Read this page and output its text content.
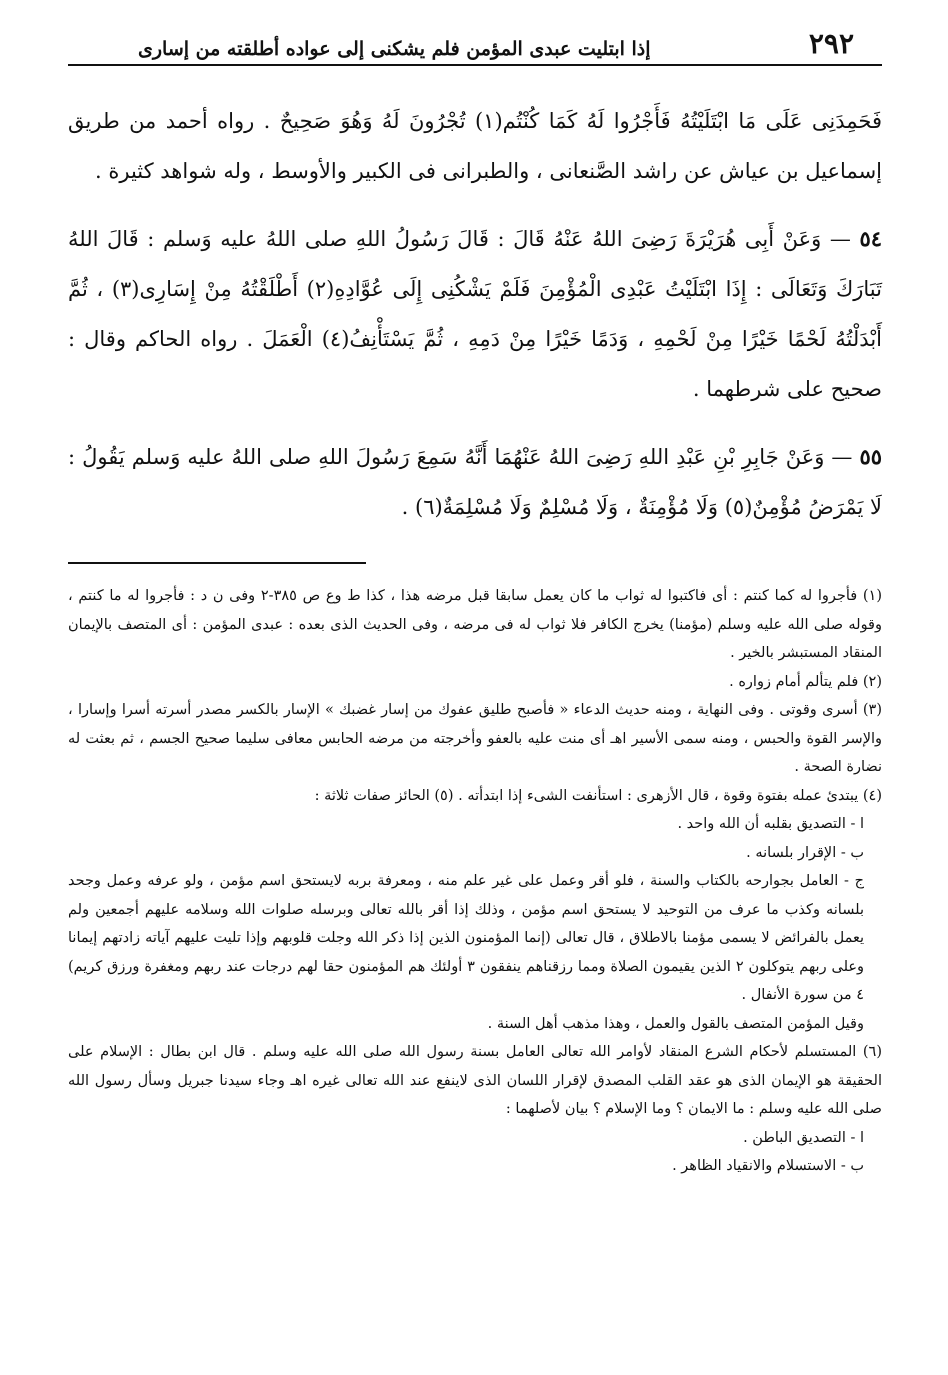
٢٩٢
إذا ابتليت عبدى المؤمن فلم يشكنى إلى عواده أطلقته من إسارى

فَحَمِدَنِى عَلَى مَا ابْتَلَيْتُهُ فَأَجْرُوا لَهُ كَمَا كُنْتُم(١) تُجْرُونَ لَهُ وَهُوَ صَحِيحٌ . رواه أحمد من طريق إسماعيل بن عياش عن راشد الصَّنعانى ، والطبرانى فى الكبير والأوسط ، وله شواهد كثيرة .

٥٤ — وَعَنْ أَبِى هُرَيْرَةَ رَضِىَ اللهُ عَنْهُ قَالَ : قَالَ رَسُولُ اللهِ صلى اللهُ عليه وَسلم : قَالَ اللهُ تَبَارَكَ وَتَعَالَى : إِذَا ابْتَلَيْتُ عَبْدِى الْمُؤْمِنَ فَلَمْ يَشْكُنِى إِلَى عُوَّادِهِ(٢) أَطْلَقْتُهُ مِنْ إِسَارِى(٣) ، ثُمَّ أَبْدَلْتُهُ لَحْمًا خَيْرًا مِنْ لَحْمِهِ ، وَدَمًا خَيْرًا مِنْ دَمِهِ ، ثُمَّ يَسْتَأْنِفُ(٤) الْعَمَلَ . رواه الحاكم وقال : صحيح على شرطهما .

٥٥ — وَعَنْ جَابِرِ بْنِ عَبْدِ اللهِ رَضِىَ اللهُ عَنْهُمَا أَنَّهُ سَمِعَ رَسُولَ اللهِ صلى اللهُ عليه وَسلم يَقُولُ : لَا يَمْرَضُ مُؤْمِنٌ(٥) وَلَا مُؤْمِنَةٌ ، وَلَا مُسْلِمٌ وَلَا مُسْلِمَةٌ(٦) .

(١) فأجروا له كما كنتم : أى فاكتبوا له ثواب ما كان يعمل سابقا قبل مرضه هذا ، كذا ط وع ص ٣٨٥-٢ وفى ن د : فأجروا له ما كنتم ، وقوله صلى الله عليه وسلم (مؤمنا) يخرج الكافر فلا ثواب له فى مرضه ، وفى الحديث الذى بعده : عبدى المؤمن : أى المتصف بالإيمان المنقاد المستبشر بالخير .

(٢) فلم يتألم أمام زواره .

(٣) أسرى وقوتى . وفى النهاية ، ومنه حديث الدعاء « فأصبح طليق عفوك من إسار غضبك » الإسار بالكسر مصدر أسرته أسرا وإسارا ، والإسر القوة والحبس ، ومنه سمى الأسير اهـ أى منت عليه بالعفو وأخرجته من مرضه الحابس معافى سليما صحيح الجسم ، ثم بعثت له نضارة الصحة .

(٤) يبتدئ عمله بفتوة وقوة ، قال الأزهرى : استأنفت الشىء إذا ابتدأته . (٥) الحائز صفات ثلاثة :

ا - التصديق بقلبه أن الله واحد .

ب - الإقرار بلسانه .

ج - العامل بجوارحه بالكتاب والسنة ، فلو أقر وعمل على غير علم منه ، ومعرفة بربه لايستحق اسم مؤمن ، ولو عرفه وعمل وجحد بلسانه وكذب ما عرف من التوحيد لا يستحق اسم مؤمن ، وذلك إذا أقر بالله تعالى وبرسله صلوات الله وسلامه عليهم أجمعين ولم يعمل بالفرائض لا يسمى مؤمنا بالاطلاق ، قال تعالى (إنما المؤمنون الذين إذا ذكر الله وجلت قلوبهم وإذا تليت عليهم آياته زادتهم إيمانا وعلى ربهم يتوكلون ٢ الذين يقيمون الصلاة ومما رزقناهم ينفقون ٣ أولئك هم المؤمنون حقا لهم درجات عند ربهم ومغفرة ورزق كريم) ٤ من سورة الأنفال .

وقيل المؤمن المتصف بالقول والعمل ، وهذا مذهب أهل السنة .

(٦) المستسلم لأحكام الشرع المنقاد لأوامر الله تعالى العامل بسنة رسول الله صلى الله عليه وسلم . قال ابن بطال : الإسلام على الحقيقة هو الإيمان الذى هو عقد القلب المصدق لإقرار اللسان الذى لاينفع عند الله تعالى غيره اهـ وجاء سيدنا جبريل وسأل رسول الله صلى الله عليه وسلم : ما الايمان ؟ وما الإسلام ؟ بيان لأصلهما :

ا - التصديق الباطن .

ب - الاستسلام والانقياد الظاهر .
